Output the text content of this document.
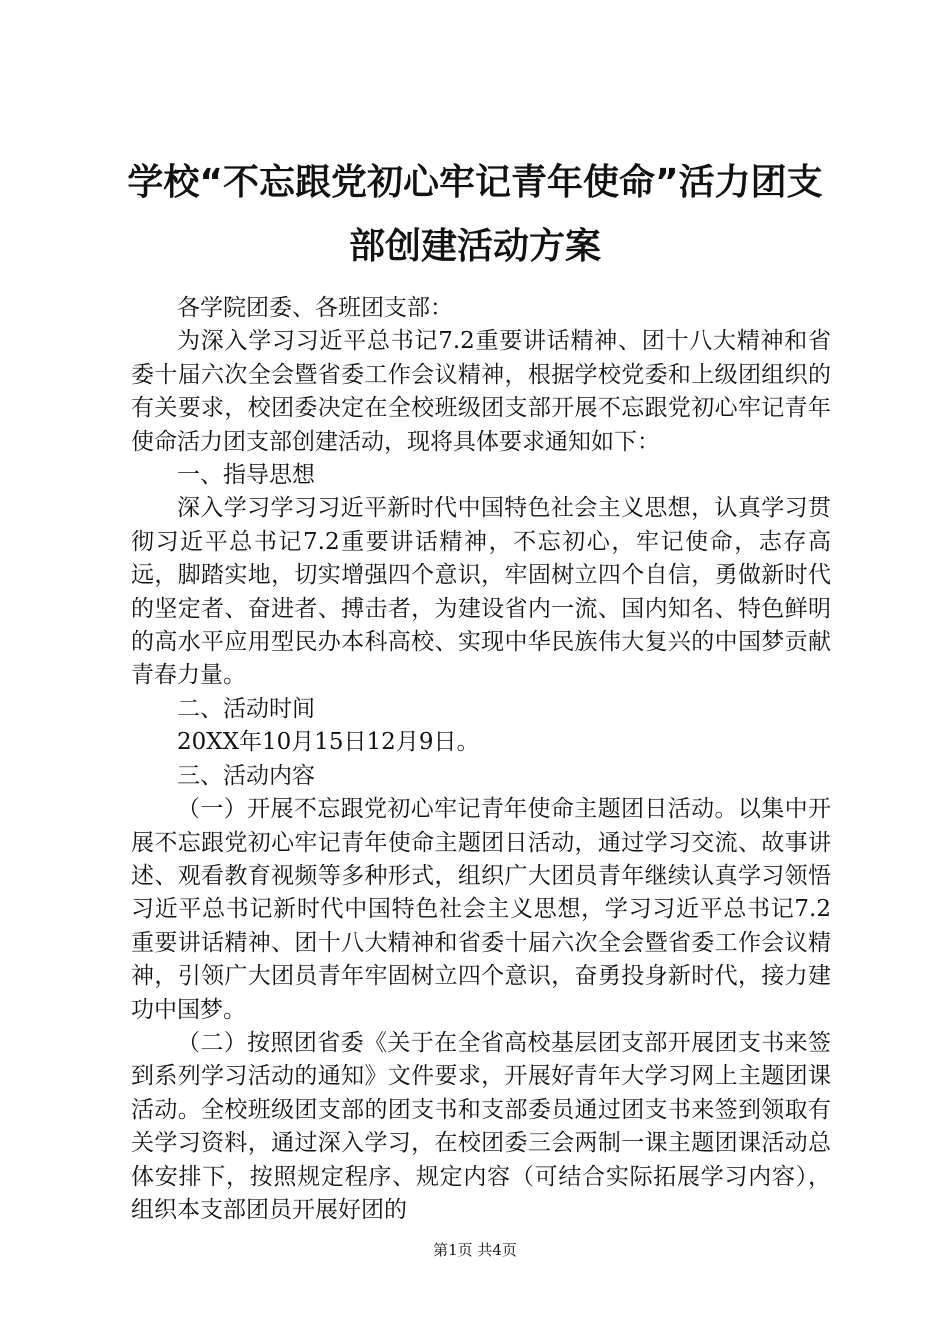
学校“不忘跟党初心牢记青年使命”活力团支
部创建活动方案

各学院团委、各班团支部：

为深入学习习近平总书记7.2重要讲话精神、团十八大精神和省委十届六次全会暨省委工作会议精神，根据学校党委和上级团组织的有关要求，校团委决定在全校班级团支部开展不忘跟党初心牢记青年使命活力团支部创建活动，现将具体要求通知如下：

一、指导思想

深入学习学习习近平新时代中国特色社会主义思想，认真学习贯彻习近平总书记7.2重要讲话精神，不忘初心，牢记使命，志存高远，脚踏实地，切实增强四个意识，牢固树立四个自信，勇做新时代的坚定者、奋进者、搏击者，为建设省内一流、国内知名、特色鲜明的高水平应用型民办本科高校、实现中华民族伟大复兴的中国梦贡献青春力量。

二、活动时间

20XX年10月15日12月9日。

三、活动内容

（一）开展不忘跟党初心牢记青年使命主题团日活动。以集中开展不忘跟党初心牢记青年使命主题团日活动，通过学习交流、故事讲述、观看教育视频等多种形式，组织广大团员青年继续认真学习领悟习近平总书记新时代中国特色社会主义思想，学习习近平总书记7.2重要讲话精神、团十八大精神和省委十届六次全会暨省委工作会议精神，引领广大团员青年牢固树立四个意识，奋勇投身新时代，接力建功中国梦。

（二）按照团省委《关于在全省高校基层团支部开展团支书来签到系列学习活动的通知》文件要求，开展好青年大学习网上主题团课活动。全校班级团支部的团支书和支部委员通过团支书来签到领取有关学习资料，通过深入学习，在校团委三会两制一课主题团课活动总体安排下，按照规定程序、规定内容（可结合实际拓展学习内容），组织本支部团员开展好团的

第1页 共4页
